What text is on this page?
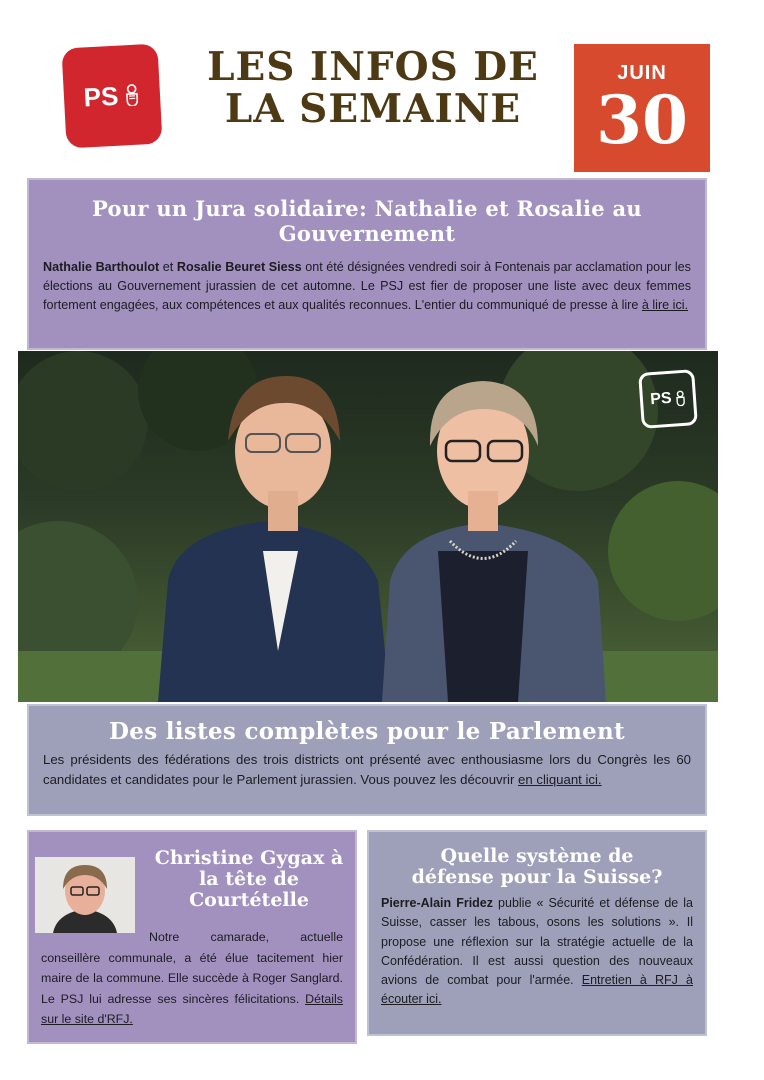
PS
LES INFOS DE
LA SEMAINE
JUIN
30
Pour un Jura solidaire: Nathalie et Rosalie au Gouvernement

Nathalie Barthoulot et Rosalie Beuret Siess ont été désignées vendredi soir à Fontenais par acclamation pour les élections au Gouvernement jurassien de cet automne. Le PSJ est fier de proposer une liste avec deux femmes fortement engagées, aux compétences et aux qualités reconnues. L'entier du communiqué de presse à lire à lire ici.

PS
Des listes complètes pour le Parlement

Les présidents des fédérations des trois districts ont présenté avec enthousiasme lors du Congrès les 60 candidates et candidates pour le Parlement jurassien. Vous pouvez les découvrir en cliquant ici.

Christine Gygax à la tête de Courtételle

Notre camarade, actuelle conseillère communale, a été élue tacitement hier maire de la commune. Elle succède à Roger Sanglard. Le PSJ lui adresse ses sincères félicitations. Détails sur le site d'RFJ.

Quelle système de défense pour la Suisse?

Pierre-Alain Fridez publie « Sécurité et défense de la Suisse, casser les tabous, osons les solutions ». Il propose une réflexion sur la stratégie actuelle de la Confédération. Il est aussi question des nouveaux avions de combat pour l'armée. Entretien à RFJ à écouter ici.
